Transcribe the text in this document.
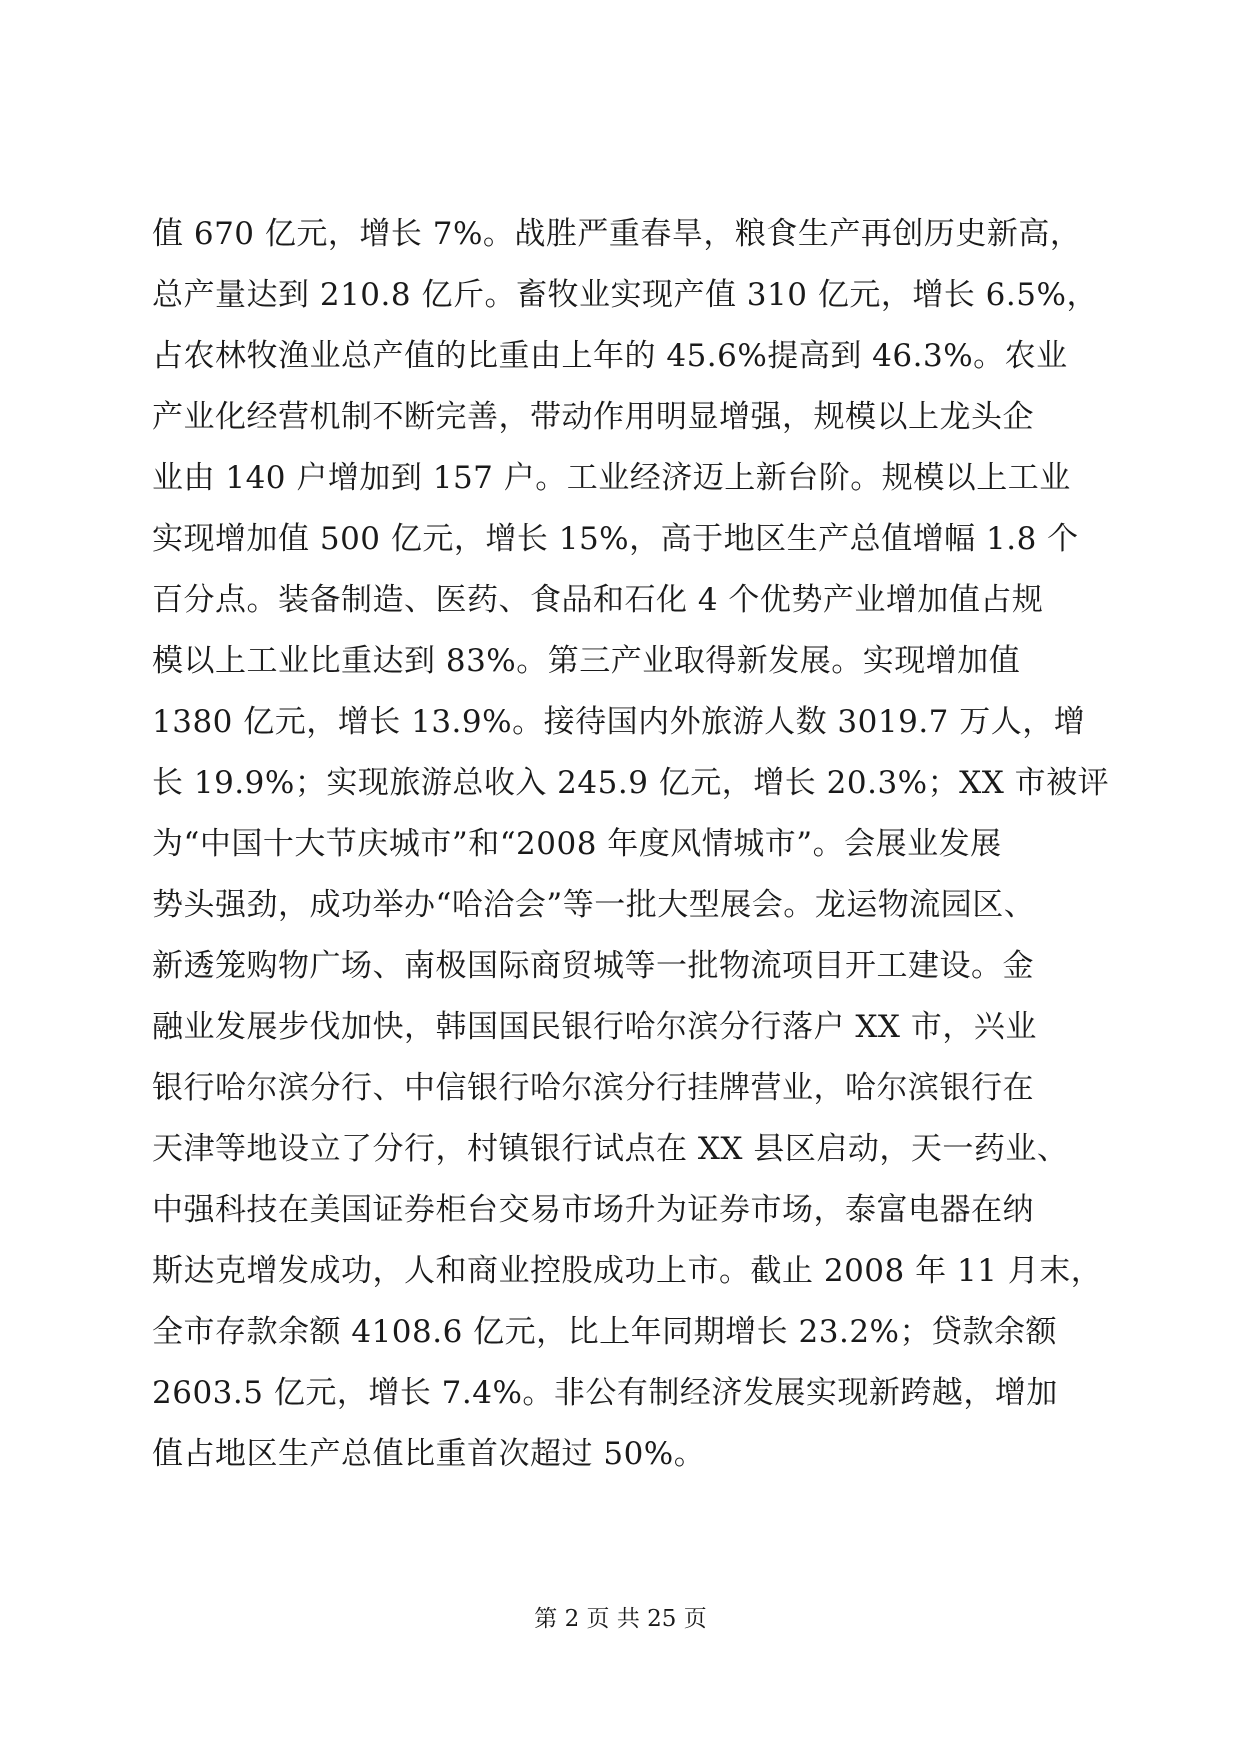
值 670 亿元，增长 7%。战胜严重春旱，粮食生产再创历史新高，
总产量达到 210.8 亿斤。畜牧业实现产值 310 亿元，增长 6.5%，
占农林牧渔业总产值的比重由上年的 45.6%提高到 46.3%。农业
产业化经营机制不断完善，带动作用明显增强，规模以上龙头企
业由 140 户增加到 157 户。工业经济迈上新台阶。规模以上工业
实现增加值 500 亿元，增长 15%，高于地区生产总值增幅 1.8 个
百分点。装备制造、医药、食品和石化 4 个优势产业增加值占规
模以上工业比重达到 83%。第三产业取得新发展。实现增加值
1380 亿元，增长 13.9%。接待国内外旅游人数 3019.7 万人，增
长 19.9%；实现旅游总收入 245.9 亿元，增长 20.3%；XX 市被评
为“中国十大节庆城市”和“2008 年度风情城市”。会展业发展
势头强劲，成功举办“哈洽会”等一批大型展会。龙运物流园区、
新透笼购物广场、南极国际商贸城等一批物流项目开工建设。金
融业发展步伐加快，韩国国民银行哈尔滨分行落户 XX 市，兴业
银行哈尔滨分行、中信银行哈尔滨分行挂牌营业，哈尔滨银行在
天津等地设立了分行，村镇银行试点在 XX 县区启动，天一药业、
中强科技在美国证券柜台交易市场升为证券市场，泰富电器在纳
斯达克增发成功，人和商业控股成功上市。截止 2008 年 11 月末，
全市存款余额 4108.6 亿元，比上年同期增长 23.2%；贷款余额
2603.5 亿元，增长 7.4%。非公有制经济发展实现新跨越，增加
值占地区生产总值比重首次超过 50%。
第 2 页 共 25 页
